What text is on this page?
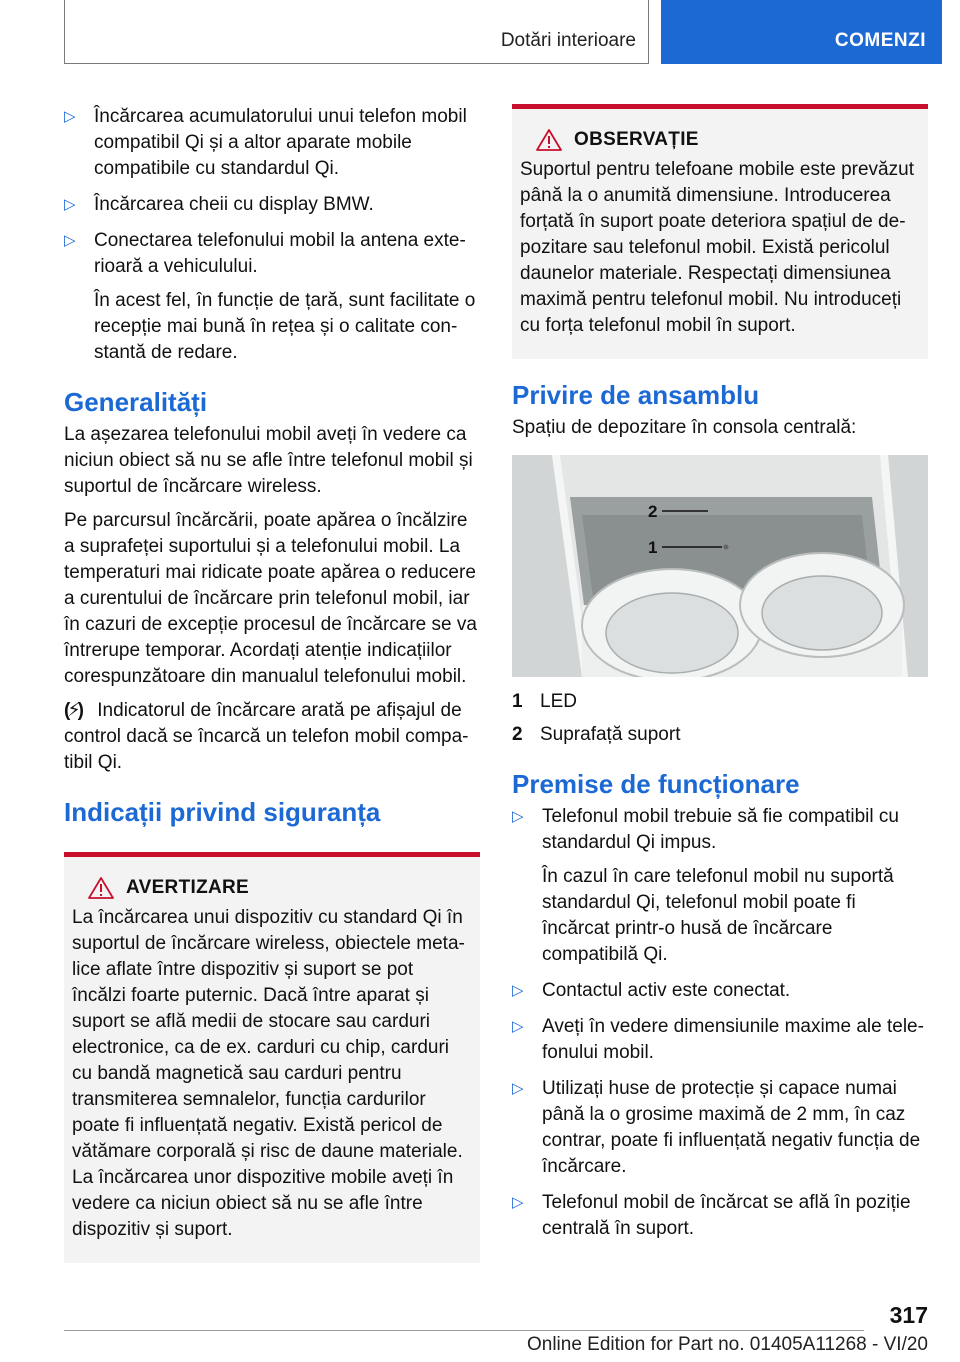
Dotări interioare	COMENZI
▷ Încărcarea acumulatorului unui telefon mobil compatibil Qi și a altor aparate mobile compatibile cu standardul Qi.

▷ Încărcarea cheii cu display BMW.

▷ Conectarea telefonului mobil la antena exterioară a vehiculului.

În acest fel, în funcție de țară, sunt facilitate o recepție mai bună în rețea și o calitate constantă de redare.

Generalități

La așezarea telefonului mobil aveți în vedere ca niciun obiect să nu se afle între telefonul mobil și suportul de încărcare wireless.

Pe parcursul încărcării, poate apărea o încălzire a suprafeței suportului și a telefonului mobil. La temperaturi mai ridicate poate apărea o reducere a curentului de încărcare prin telefonul mobil, iar în cazuri de excepție procesul de încărcare se va întrerupe temporar. Acordați atenție indicațiilor corespunzătoare din manualul telefonului mobil.

(⚡) Indicatorul de încărcare arată pe afișajul de control dacă se încarcă un telefon mobil compatibil Qi.

Indicații privind siguranța
AVERTIZARE

La încărcarea unui dispozitiv cu standard Qi în suportul de încărcare wireless, obiectele metalice aflate între dispozitiv și suport se pot încălzi foarte puternic. Dacă între aparat și suport se află medii de stocare sau carduri electronice, ca de ex. carduri cu chip, carduri cu bandă magnetică sau carduri pentru transmiterea semnalelor, funcția cardurilor poate fi influențată negativ. Există pericol de vătămare corporală și risc de daune materiale. La încărcarea unor dispozitive mobile aveți în vedere ca niciun obiect să nu se afle între dispozitiv și suport.

OBSERVAȚIE

Suportul pentru telefoane mobile este prevăzut până la o anumită dimensiune. Introducerea forțată în suport poate deteriora spațiul de depozitare sau telefonul mobil. Există pericolul daunelor materiale. Respectați dimensiunea maximă pentru telefonul mobil. Nu introduceți cu forța telefonul mobil în suport.

Privire de ansamblu

Spațiu de depozitare în consola centrală:

2
1
1 LED
2 Suprafață suport
Premise de funcționare
▷ Telefonul mobil trebuie să fie compatibil cu standardul Qi impus.

În cazul în care telefonul mobil nu suportă standardul Qi, telefonul mobil poate fi încărcat printr-o husă de încărcare compatibilă Qi.

▷ Contactul activ este conectat.

▷ Aveți în vedere dimensiunile maxime ale telefonului mobil.

▷ Utilizați huse de protecție și capace numai până la o grosime maximă de 2 mm, în caz contrar, poate fi influențată negativ funcția de încărcare.

▷ Telefonul mobil de încărcat se află în poziție centrală în suport.

317
Online Edition for Part no. 01405A11268 - VI/20
